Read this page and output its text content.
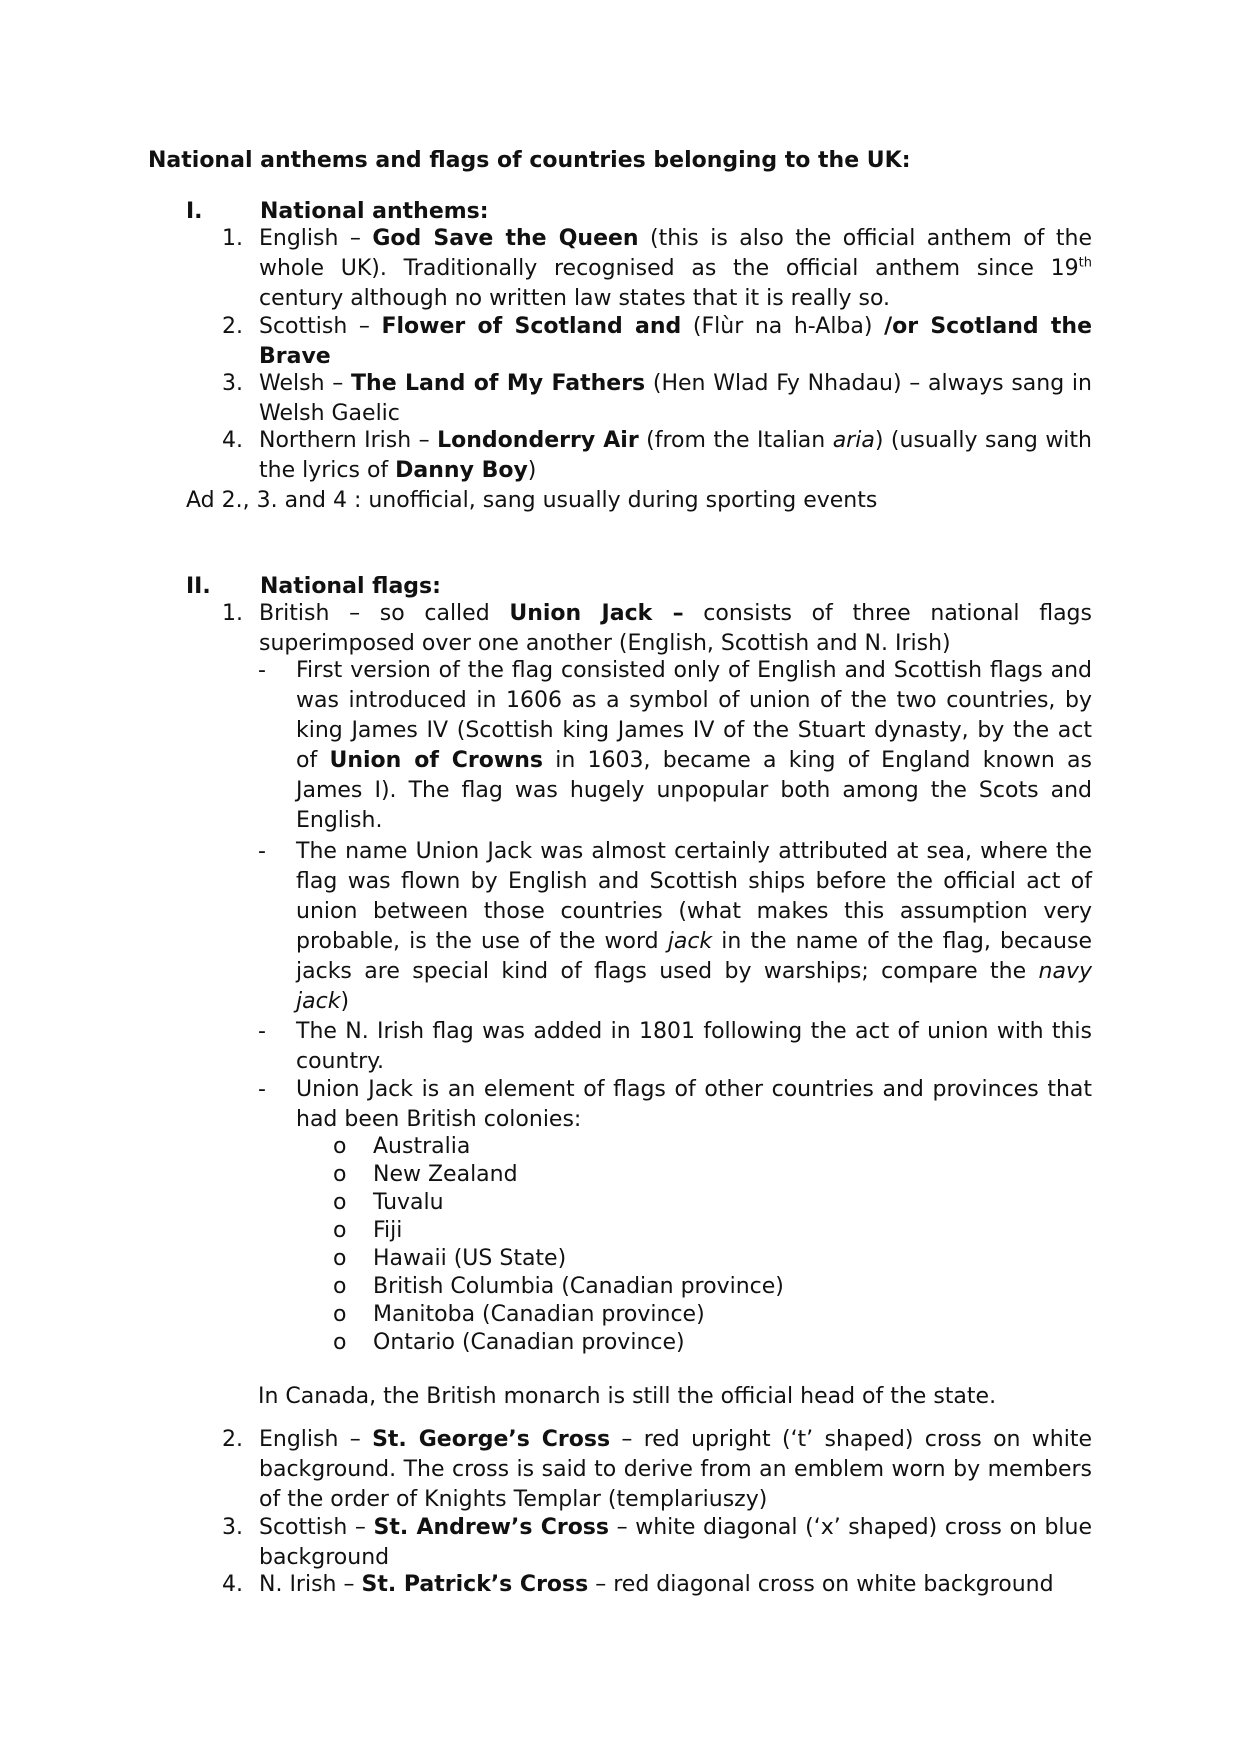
National anthems and flags of countries belonging to the UK:
I.	National anthems:
1. English – God Save the Queen (this is also the official anthem of the whole UK). Traditionally recognised as the official anthem since 19th century although no written law states that it is really so.
2. Scottish – Flower of Scotland and (Flùr na h-Alba) /or Scotland the Brave
3. Welsh – The Land of My Fathers (Hen Wlad Fy Nhadau) – always sang in Welsh Gaelic
4. Northern Irish – Londonderry Air (from the Italian aria) (usually sang with the lyrics of Danny Boy)
Ad 2., 3. and 4 : unofficial, sang usually during sporting events
II. National flags:
1. British – so called Union Jack – consists of three national flags superimposed over one another (English, Scottish and N. Irish)
- First version of the flag consisted only of English and Scottish flags and was introduced in 1606 as a symbol of union of the two countries, by king James IV (Scottish king James IV of the Stuart dynasty, by the act of Union of Crowns in 1603, became a king of England known as James I). The flag was hugely unpopular both among the Scots and English.
- The name Union Jack was almost certainly attributed at sea, where the flag was flown by English and Scottish ships before the official act of union between those countries (what makes this assumption very probable, is the use of the word jack in the name of the flag, because jacks are special kind of flags used by warships; compare the navy jack)
- The N. Irish flag was added in 1801 following the act of union with this country.
- Union Jack is an element of flags of other countries and provinces that had been British colonies:
o Australia
o New Zealand
o Tuvalu
o Fiji
o Hawaii (US State)
o British Columbia (Canadian province)
o Manitoba (Canadian province)
o Ontario (Canadian province)
In Canada, the British monarch is still the official head of the state.
2. English – St. George’s Cross – red upright (‘t’ shaped) cross on white background. The cross is said to derive from an emblem worn by members of the order of Knights Templar (templariuszy)
3. Scottish – St. Andrew’s Cross – white diagonal (‘x’ shaped) cross on blue background
4. N. Irish – St. Patrick’s Cross – red diagonal cross on white background
